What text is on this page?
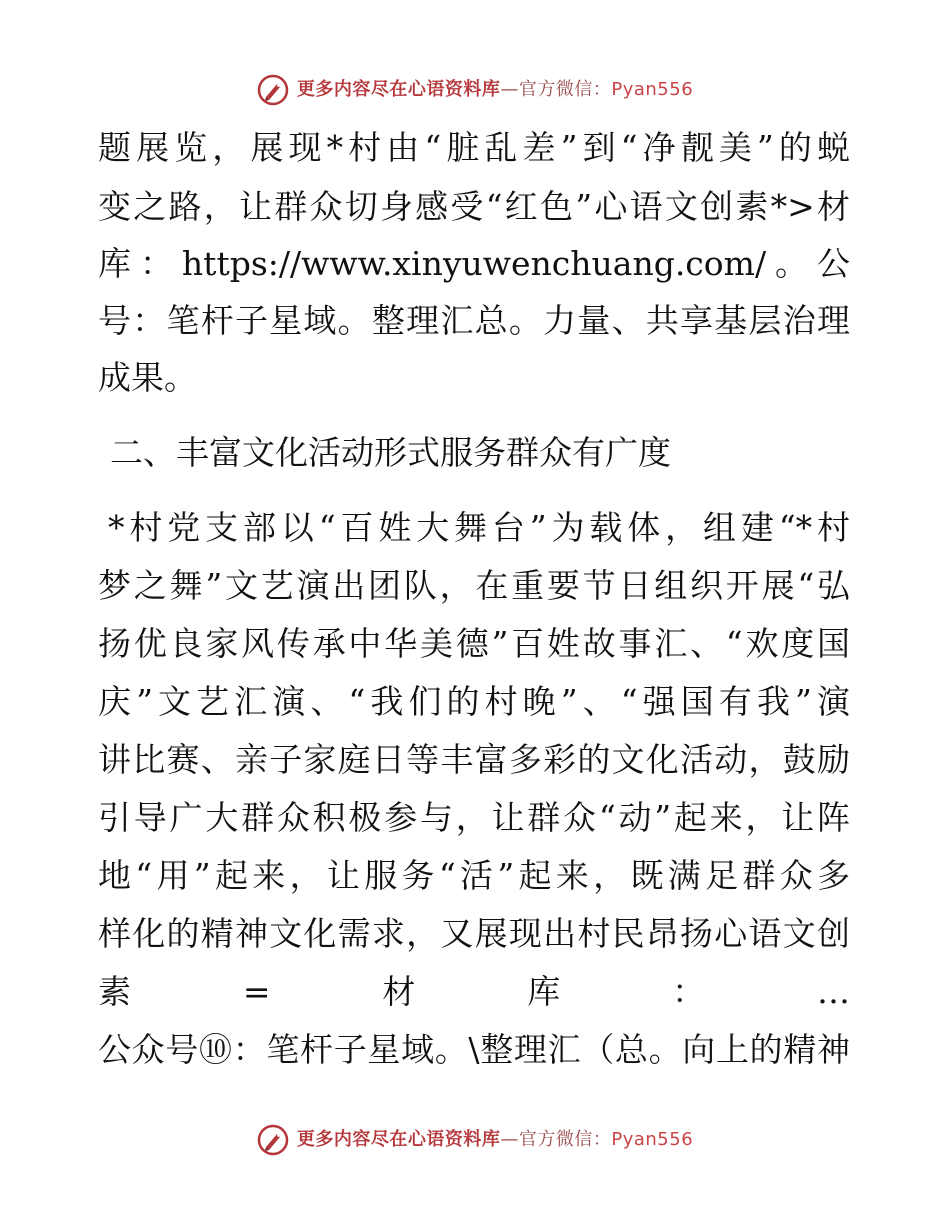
更多内容尽在心语资料库—官方微信：Pyan556
题展览，展现*村由“脏乱差”到“净靓美”的蜕
变之路，让群众切身感受“红色”心语文创素*>材
库：https://www.xinyuwenchuang.com/。公
号：笔杆子星域。整理汇总。力量、共享基层治理
成果。
二、丰富文化活动形式服务群众有广度
*村党支部以“百姓大舞台”为载体，组建“*村
梦之舞”文艺演出团队，在重要节日组织开展“弘
扬优良家风传承中华美德”百姓故事汇、“欢度国
庆”文艺汇演、“我们的村晚”、“强国有我”演
讲比赛、亲子家庭日等丰富多彩的文化活动，鼓励
引导广大群众积极参与，让群众“动”起来，让阵
地“用”起来，让服务“活”起来，既满足群众多
样化的精神文化需求，又展现出村民昂扬心语文创
素=材库：…
公众号⑩：笔杆子星域。\整理汇（总。向上的精神
更多内容尽在心语资料库—官方微信：Pyan556
